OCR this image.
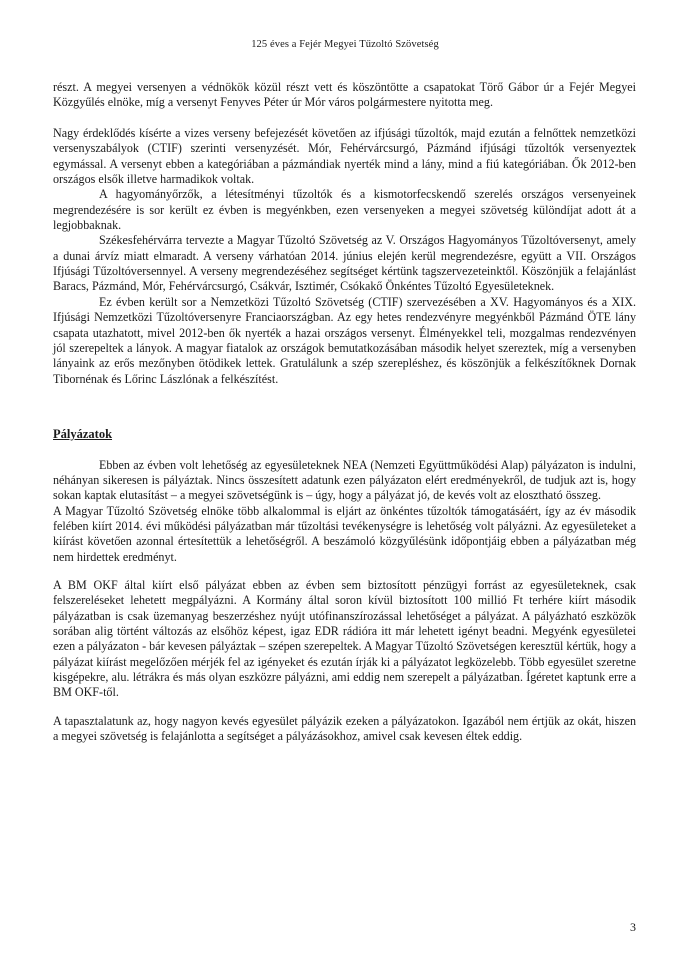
125 éves a Fejér Megyei Tűzoltó Szövetség

részt. A megyei versenyen a védnökök közül részt vett és köszöntötte a csapatokat Törő Gábor úr a Fejér Megyei Közgyűlés elnöke, míg a versenyt Fenyves Péter úr Mór város polgármestere nyitotta meg.

Nagy érdeklődés kísérte a vizes verseny befejezését követően az ifjúsági tűzoltók, majd ezután a felnőttek nemzetközi versenyszabályok (CTIF) szerinti versenyzését. Mór, Fehérvárcsurgó, Pázmánd ifjúsági tűzoltók versenyeztek egymással. A versenyt ebben a kategóriában a pázmándiak nyerték mind a lány, mind a fiú kategóriában. Ők 2012-ben országos elsők illetve harmadikok voltak.

A hagyományőrzők, a létesítményi tűzoltók és a kismotorfecskendő szerelés országos versenyeinek megrendezésére is sor került ez évben is megyénkben, ezen versenyeken a megyei szövetség különdíjat adott át a legjobbaknak.

Székesfehérvárra tervezte a Magyar Tűzoltó Szövetség az V. Országos Hagyományos Tűzoltóversenyt, amely a dunai árvíz miatt elmaradt. A verseny várhatóan 2014. június elején kerül megrendezésre, együtt a VII. Országos Ifjúsági Tűzoltóversennyel. A verseny megrendezéséhez segítséget kértünk tagszervezeteinktől. Köszönjük a felajánlást Baracs, Pázmánd, Mór, Fehérvárcsurgó, Csákvár, Isztimér, Csókakő Önkéntes Tűzoltó Egyesületeknek.

Ez évben került sor a Nemzetközi Tűzoltó Szövetség (CTIF) szervezésében a XV. Hagyományos és a XIX. Ifjúsági Nemzetközi Tűzoltóversenyre Franciaországban. Az egy hetes rendezvényre megyénkből Pázmánd ÖTE lány csapata utazhatott, mivel 2012-ben ők nyerték a hazai országos versenyt. Élményekkel teli, mozgalmas rendezvényen jól szerepeltek a lányok. A magyar fiatalok az országok bemutatkozásában második helyet szereztek, míg a versenyben lányaink az erős mezőnyben ötödikek lettek. Gratulálunk a szép szerepléshez, és köszönjük a felkészítőknek Dornak Tibornénak és Lőrinc Lászlónak a felkészítést.

Pályázatok

Ebben az évben volt lehetőség az egyesületeknek NEA (Nemzeti Együttműködési Alap) pályázaton is indulni, néhányan sikeresen is pályáztak. Nincs összesített adatunk ezen pályázaton elért eredményekről, de tudjuk azt is, hogy sokan kaptak elutasítást – a megyei szövetségünk is – úgy, hogy a pályázat jó, de kevés volt az elosztható összeg.

A Magyar Tűzoltó Szövetség elnöke több alkalommal is eljárt az önkéntes tűzoltók támogatásáért, így az év második felében kiírt 2014. évi működési pályázatban már tűzoltási tevékenységre is lehetőség volt pályázni. Az egyesületeket a kiírást követően azonnal értesítettük a lehetőségről. A beszámoló közgyűlésünk időpontjáig ebben a pályázatban még nem hirdettek eredményt.

A BM OKF által kiírt első pályázat ebben az évben sem biztosított pénzügyi forrást az egyesületeknek, csak felszereléseket lehetett megpályázni. A Kormány által soron kívül biztosított 100 millió Ft terhére kiírt második pályázatban is csak üzemanyag beszerzéshez nyújt utófinanszírozással lehetőséget a pályázat. A pályázható eszközök sorában alig történt változás az elsőhöz képest, igaz EDR rádióra itt már lehetett igényt beadni. Megyénk egyesületei ezen a pályázaton - bár kevesen pályáztak – szépen szerepeltek. A Magyar Tűzoltó Szövetségen keresztül kértük, hogy a pályázat kiírást megelőzően mérjék fel az igényeket és ezután írják ki a pályázatot legközelebb. Több egyesület szeretne kisgépekre, alu. létrákra és más olyan eszközre pályázni, ami eddig nem szerepelt a pályázatban. Ígéretet kaptunk erre a BM OKF-től.

A tapasztalatunk az, hogy nagyon kevés egyesület pályázik ezeken a pályázatokon. Igazából nem értjük az okát, hiszen a megyei szövetség is felajánlotta a segítséget a pályázásokhoz, amivel csak kevesen éltek eddig.

3
